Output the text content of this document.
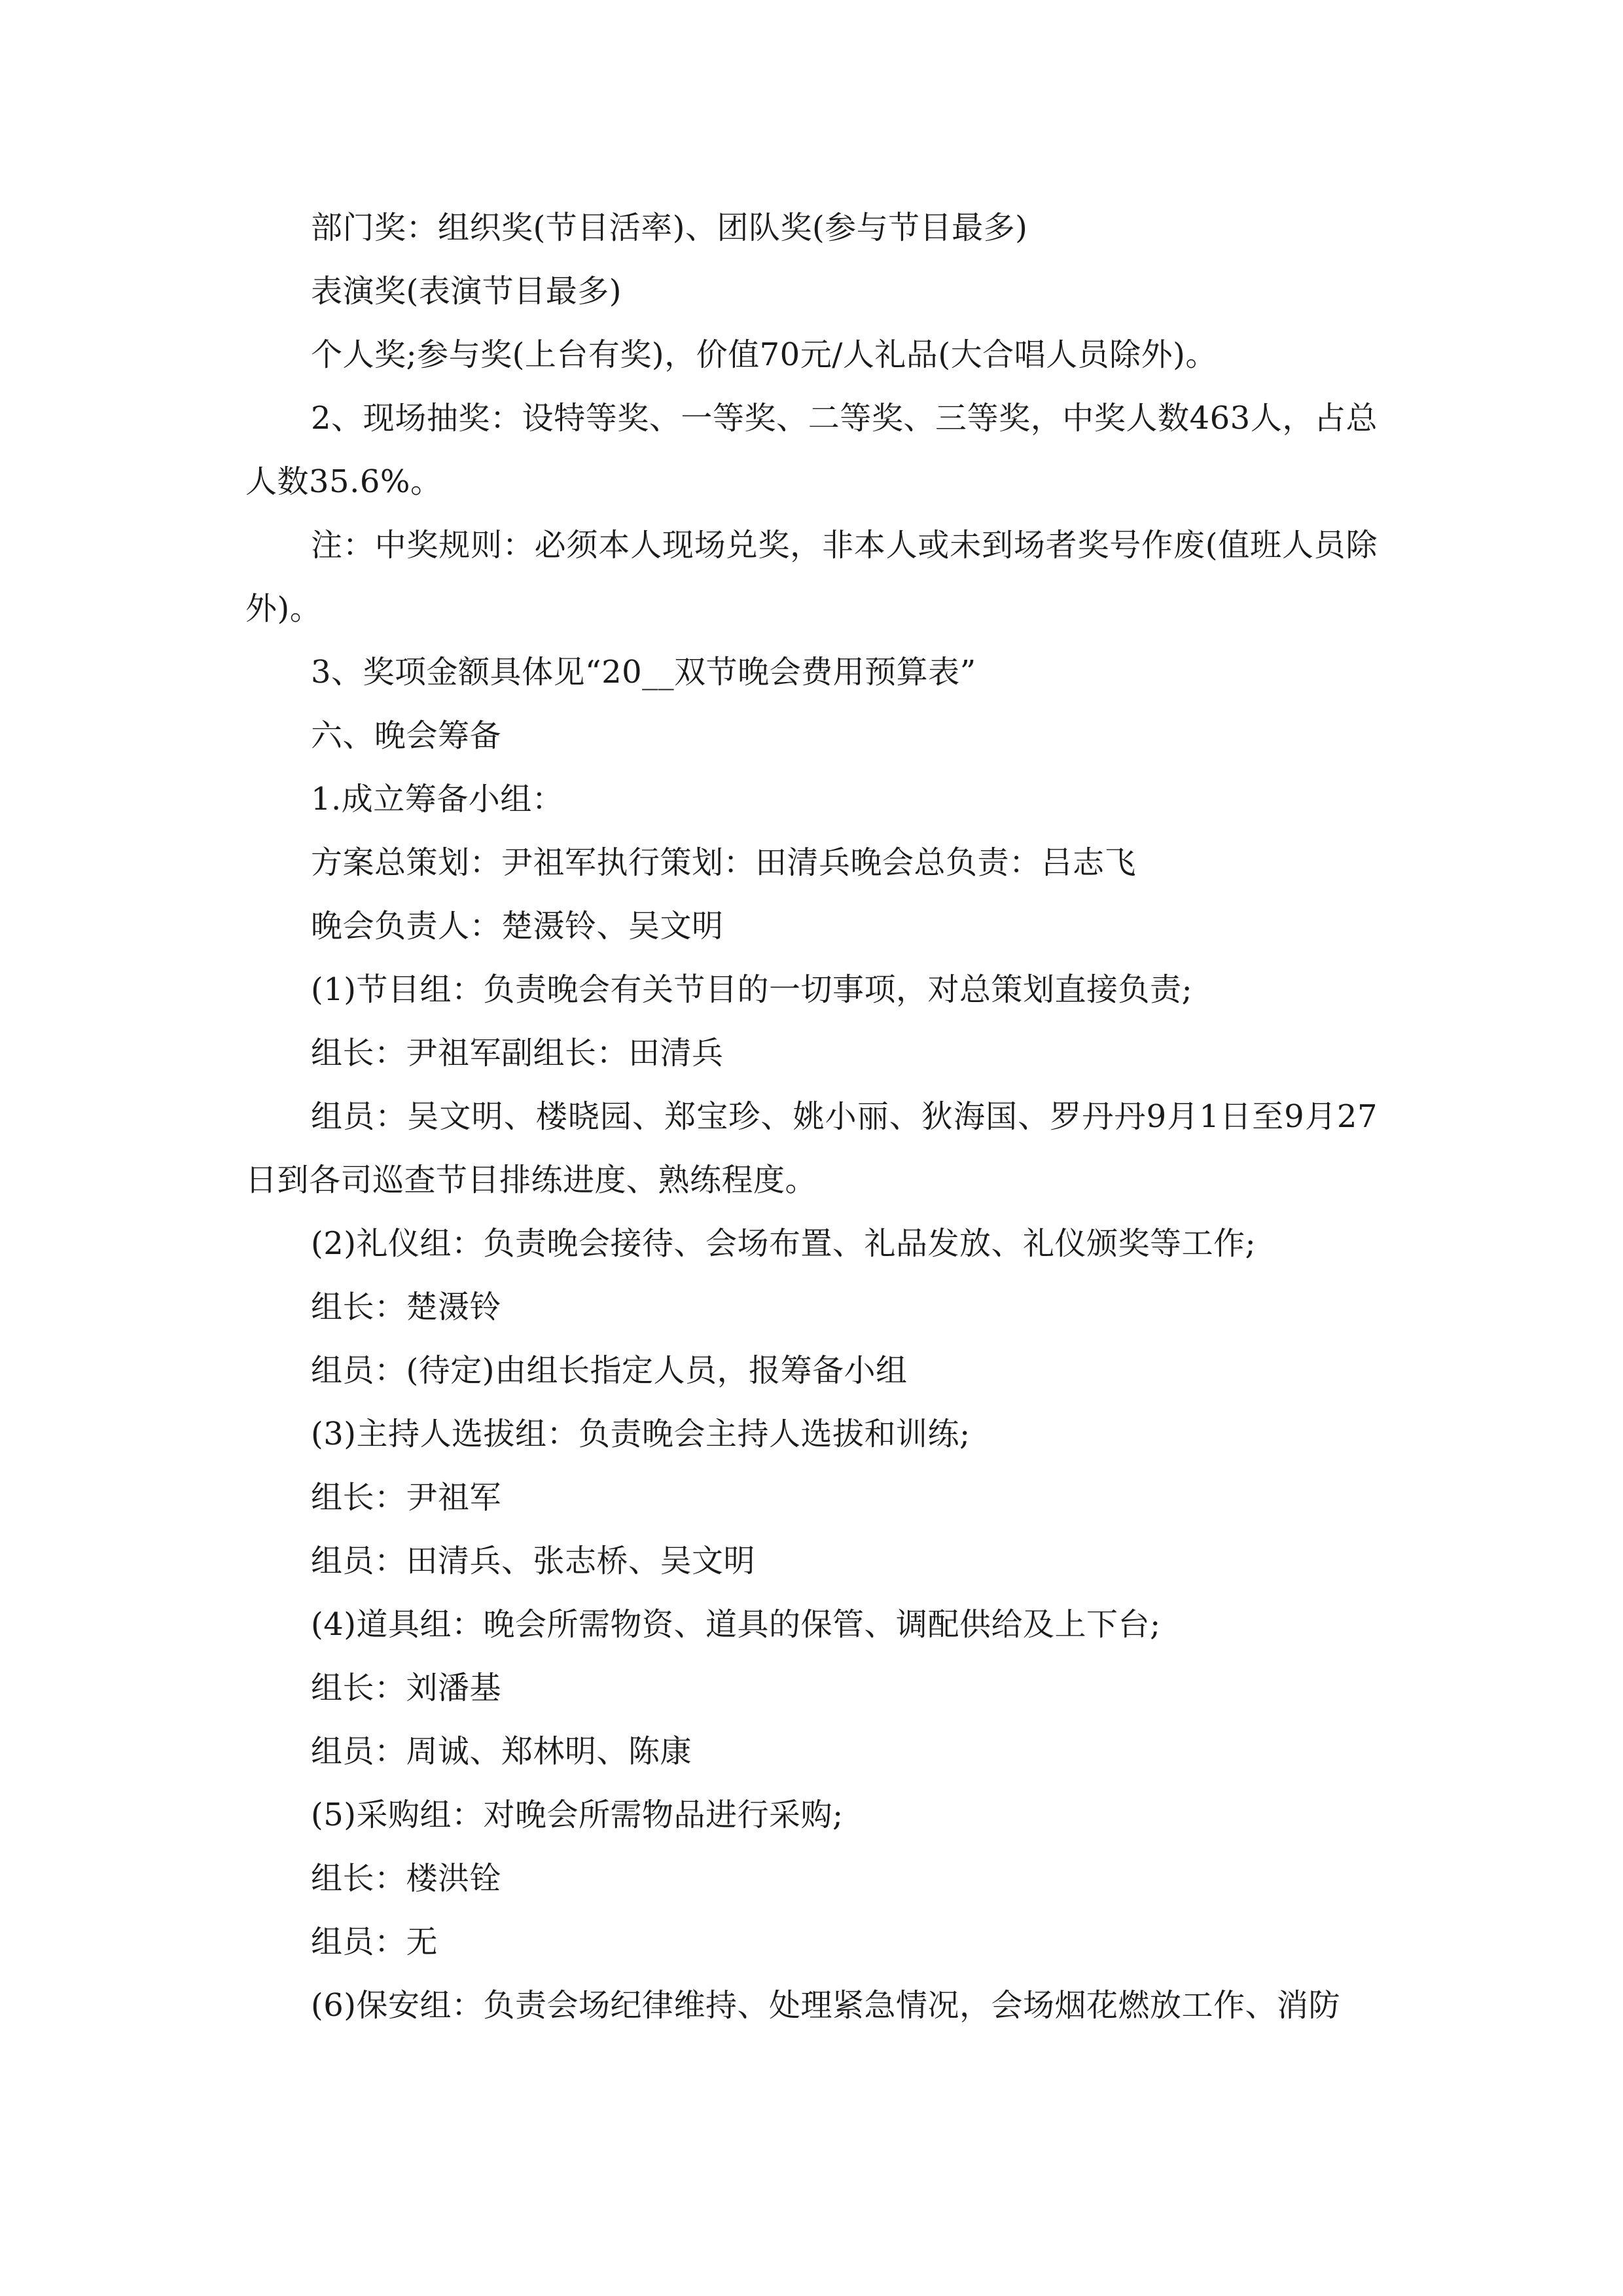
部门奖：组织奖(节目活率)、团队奖(参与节目最多)

表演奖(表演节目最多)

个人奖;参与奖(上台有奖)，价值70元/人礼品(大合唱人员除外)。

2、现场抽奖：设特等奖、一等奖、二等奖、三等奖，中奖人数463人，占总人数35.6%。

注：中奖规则：必须本人现场兑奖，非本人或未到场者奖号作废(值班人员除外)。

3、奖项金额具体见“20__双节晚会费用预算表”

六、晚会筹备

1.成立筹备小组：

方案总策划：尹祖军执行策划：田清兵晚会总负责：吕志飞

晚会负责人：楚滠铃、吴文明

(1)节目组：负责晚会有关节目的一切事项，对总策划直接负责;

组长：尹祖军副组长：田清兵

组员：吴文明、楼晓园、郑宝珍、姚小丽、狄海国、罗丹丹9月1日至9月27日到各司巡查节目排练进度、熟练程度。

(2)礼仪组：负责晚会接待、会场布置、礼品发放、礼仪颁奖等工作;

组长：楚滠铃

组员：(待定)由组长指定人员，报筹备小组

(3)主持人选拔组：负责晚会主持人选拔和训练;

组长：尹祖军

组员：田清兵、张志桥、吴文明

(4)道具组：晚会所需物资、道具的保管、调配供给及上下台;

组长：刘潘基

组员：周诚、郑林明、陈康

(5)采购组：对晚会所需物品进行采购;

组长：楼洪铨

组员：无

(6)保安组：负责会场纪律维持、处理紧急情况，会场烟花燃放工作、消防
